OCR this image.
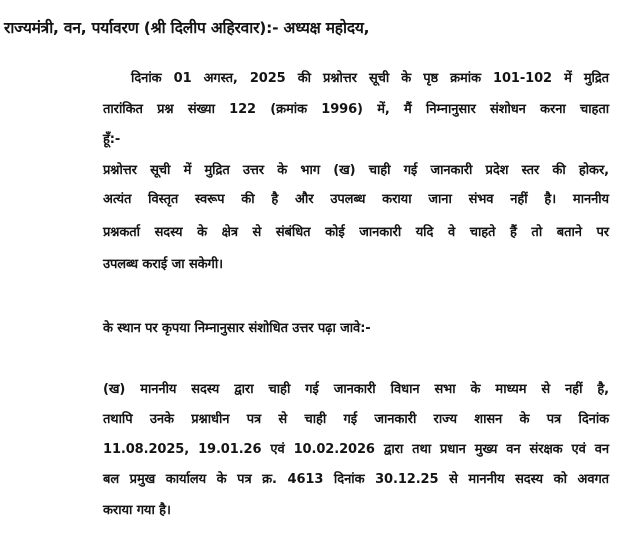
राज्यमंत्री, वन, पर्यावरण (श्री दिलीप अहिरवार):- अध्यक्ष महोदय,
दिनांक 01 अगस्त, 2025 की प्रश्नोत्तर सूची के पृष्ठ क्रमांक 101-102 में मुद्रित
तारांकित प्रश्न संख्या 122 (क्रमांक 1996) में, मैं निम्नानुसार संशोधन करना चाहता
हूँ:-
प्रश्नोत्तर सूची में मुद्रित उत्तर के भाग (ख) चाही गई जानकारी प्रदेश स्तर की होकर,
अत्यंत विस्तृत स्वरूप की है और उपलब्ध कराया जाना संभव नहीं है। माननीय
प्रश्नकर्ता सदस्य के क्षेत्र से संबंधित कोई जानकारी यदि वे चाहते हैं तो बताने पर
उपलब्ध कराई जा सकेगी।
के स्थान पर कृपया निम्नानुसार संशोधित उत्तर पढ़ा जावे:-
(ख) माननीय सदस्य द्वारा चाही गई जानकारी विधान सभा के माध्यम से नहीं है,
तथापि उनके प्रश्नाधीन पत्र से चाही गई जानकारी राज्य शासन के पत्र दिनांक
11.08.2025, 19.01.26 एवं 10.02.2026 द्वारा तथा प्रधान मुख्य वन संरक्षक एवं वन
बल प्रमुख कार्यालय के पत्र क्र. 4613 दिनांक 30.12.25 से माननीय सदस्य को अवगत
कराया गया है।
